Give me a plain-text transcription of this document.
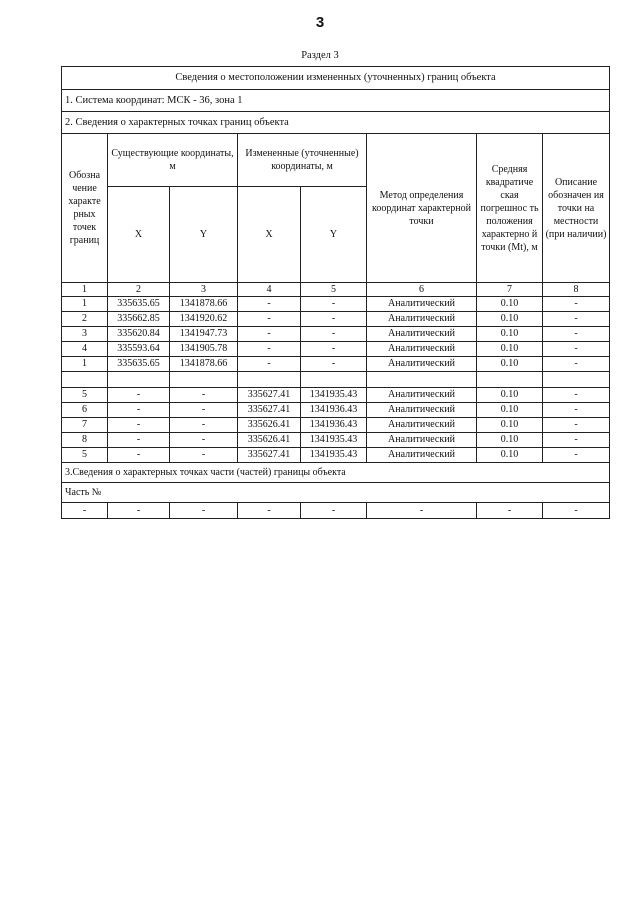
3
Раздел 3
Сведения о местоположении измененных (уточненных) границ объекта							
1. Система координат: МСК - 36, зона 1							
2. Сведения о характерных точках границ объекта							
Обозна чение характе рных точек границ	Существующие координаты, м		Измененные (уточненные) координаты, м		Метод определения координат характерной точки	Средняя квадратиче ская погрешнос ть положения характерно й точки (Mt), м	Описание обозначен ия точки на местности (при наличии)
	X	Y	X	Y			
1	2	3	4	5	6	7	8
1	335635.65	1341878.66	-	-	Аналитический	0.10	-
2	335662.85	1341920.62	-	-	Аналитический	0.10	-
3	335620.84	1341947.73	-	-	Аналитический	0.10	-
4	335593.64	1341905.78	-	-	Аналитический	0.10	-
1	335635.65	1341878.66	-	-	Аналитический	0.10	-

5	-	-	335627.41	1341935.43	Аналитический	0.10	-
6	-	-	335627.41	1341936.43	Аналитический	0.10	-
7	-	-	335626.41	1341936.43	Аналитический	0.10	-
8	-	-	335626.41	1341935.43	Аналитический	0.10	-
5	-	-	335627.41	1341935.43	Аналитический	0.10	-
3.Сведения о характерных точках части (частей) границы объекта							
Часть №							
-	-	-	-	-	-	-	-
